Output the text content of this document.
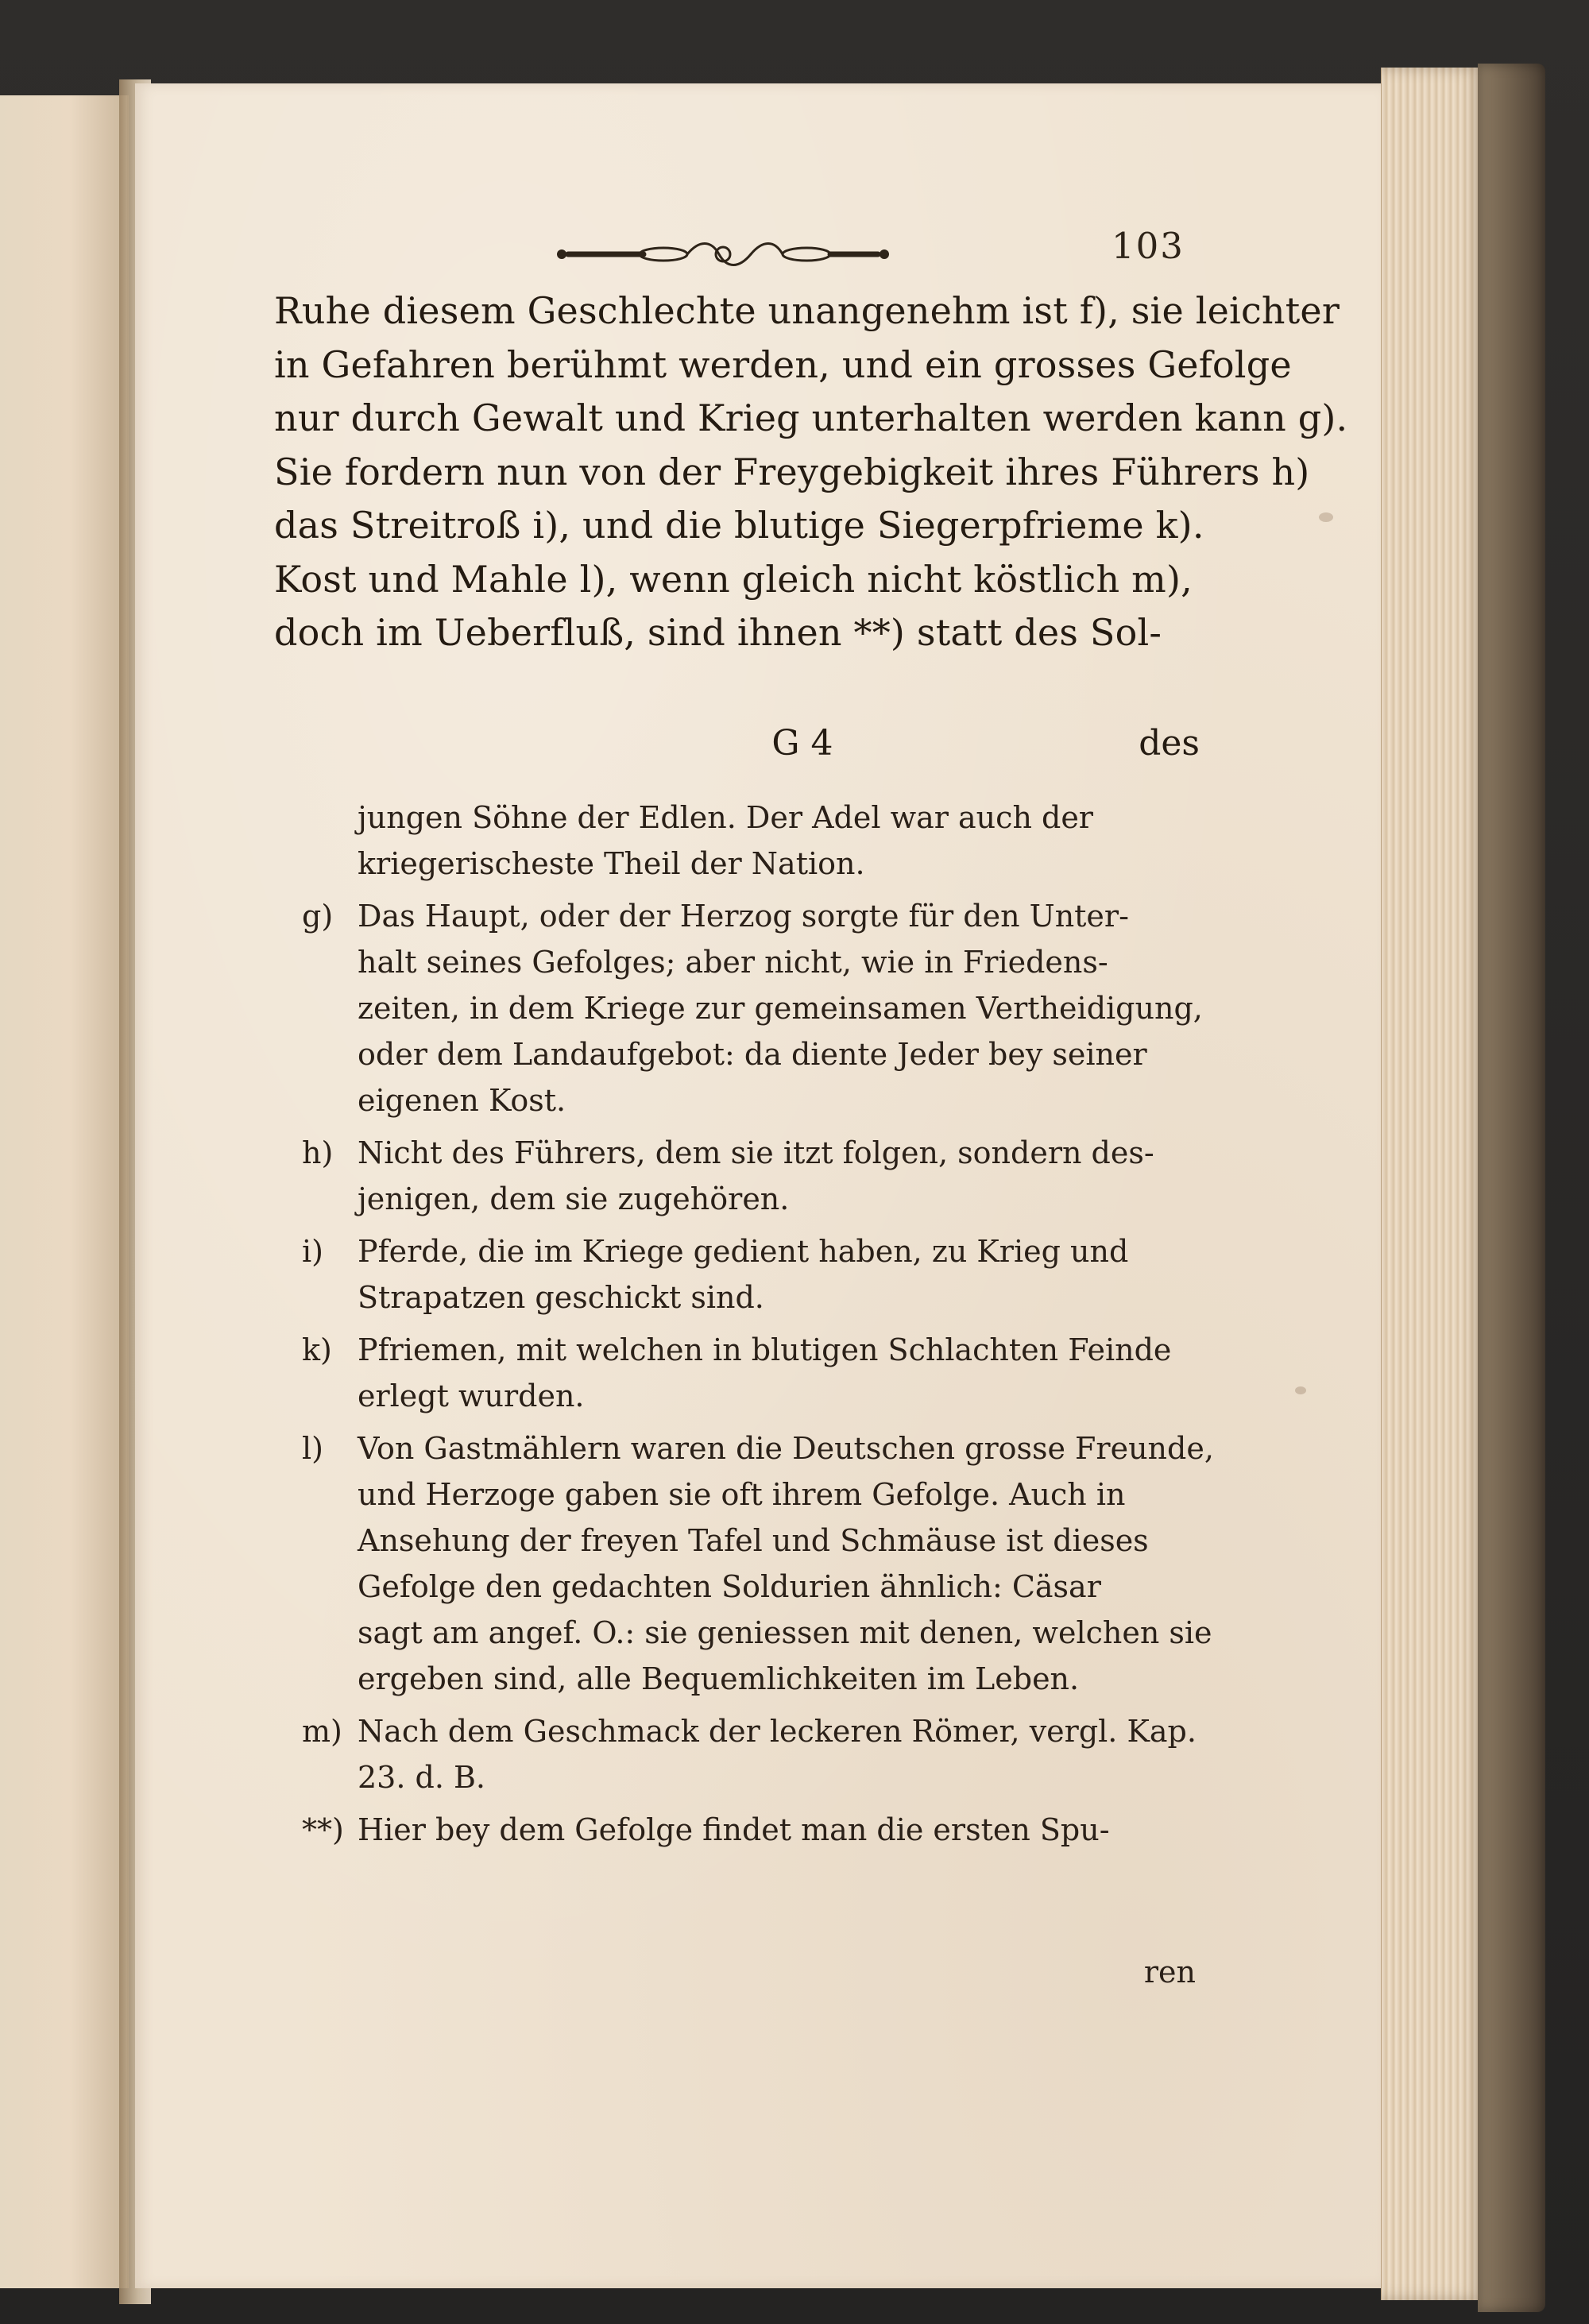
103
Ruhe diesem Geschlechte unangenehm ist f), sie leichter
in Gefahren berühmt werden, und ein grosses Gefolge
nur durch Gewalt und Krieg unterhalten werden kann g).
Sie fordern nun von der Freygebigkeit ihres Führers h)
das Streitroß i), und die blutige Siegerpfrieme k).
Kost und Mahle l), wenn gleich nicht köstlich m),
doch im Ueberfluß, sind ihnen **) statt des Sol-
G 4	des
jungen Söhne der Edlen. Der Adel war auch der
kriegerischeste Theil der Nation.
g) Das Haupt, oder der Herzog sorgte für den Unter-
halt seines Gefolges; aber nicht, wie in Friedens-
zeiten, in dem Kriege zur gemeinsamen Vertheidigung,
oder dem Landaufgebot: da diente Jeder bey seiner
eigenen Kost.
h) Nicht des Führers, dem sie itzt folgen, sondern des-
jenigen, dem sie zugehören.
i)	Pferde, die im Kriege gedient haben, zu Krieg und
Strapatzen geschickt sind.
k) Pfriemen, mit welchen in blutigen Schlachten Feinde
erlegt wurden.
l)	Von Gastmählern waren die Deutschen grosse Freunde,
und Herzoge gaben sie oft ihrem Gefolge. Auch in
Ansehung der freyen Tafel und Schmäuse ist dieses
Gefolge den gedachten Soldurien ähnlich: Cäsar
sagt am angef. O.: sie geniessen mit denen, welchen sie
ergeben sind, alle Bequemlichkeiten im Leben.
m) Nach dem Geschmack der leckeren Römer, vergl. Kap.
23. d. B.
**) Hier bey dem Gefolge findet man die ersten Spu-
ren
